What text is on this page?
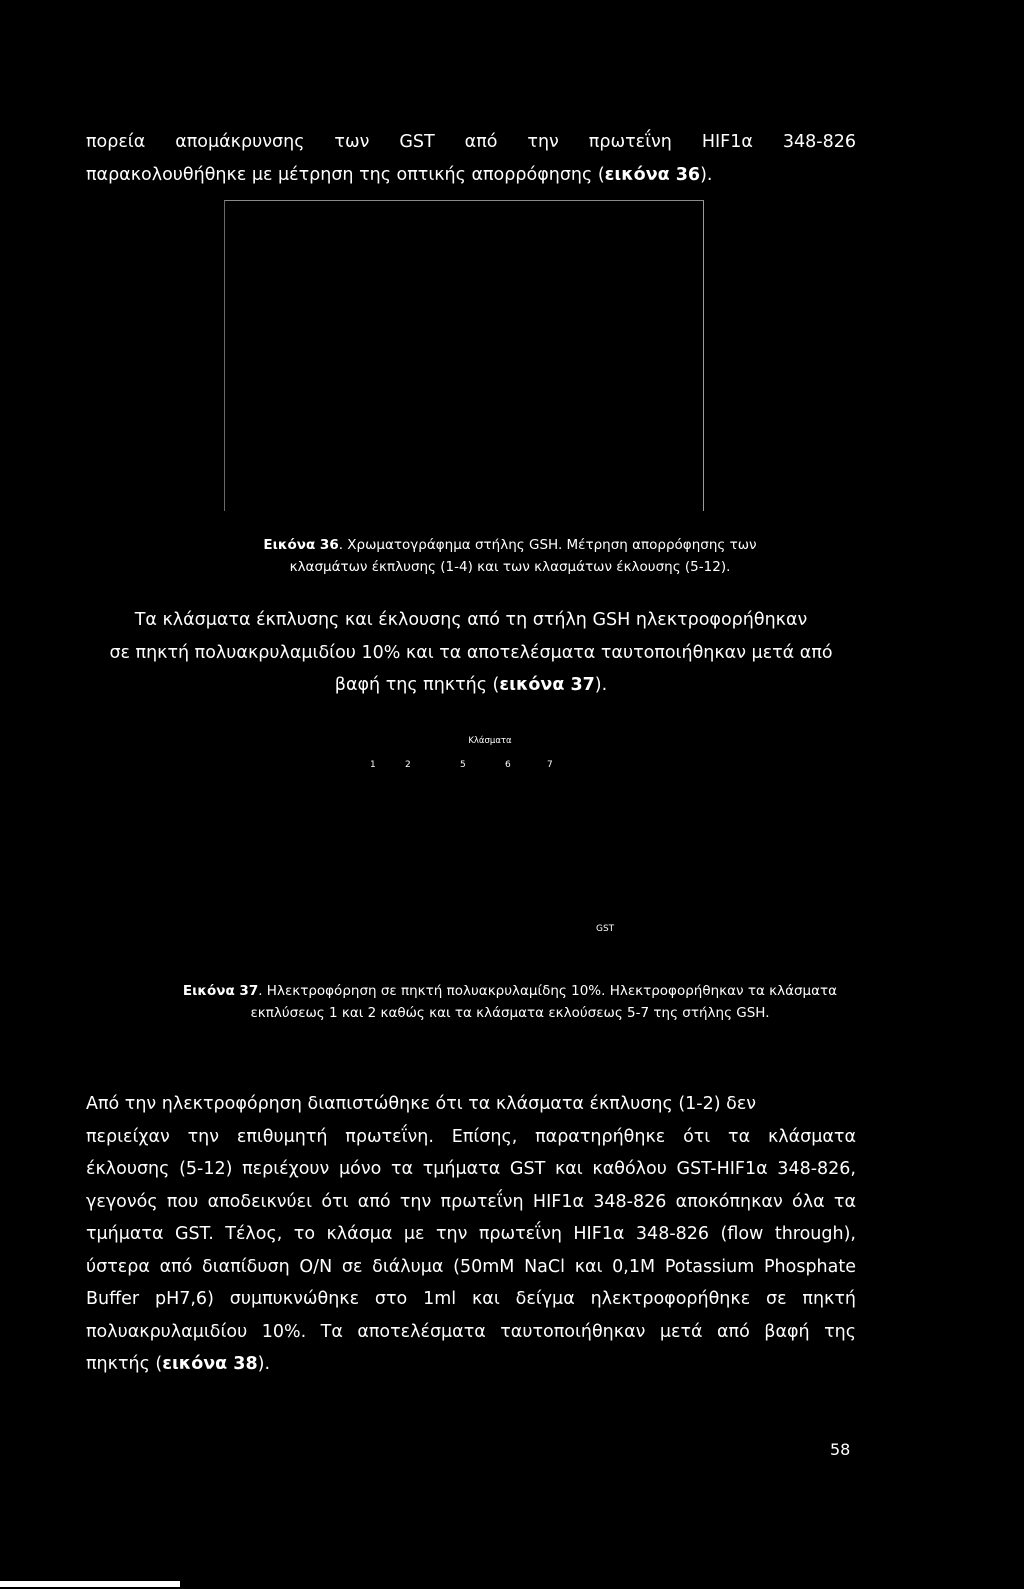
πορεία απομάκρυνσης των GST από την πρωτεΐνη HIF1α 348-826
παρακολουθήθηκε με μέτρηση της οπτικής απορρόφησης (εικόνα 36).
Εικόνα 36. Χρωματογράφημα στήλης GSH. Μέτρηση απορρόφησης των
κλασμάτων έκπλυσης (1-4) και των κλασμάτων έκλουσης (5-12).
Τα κλάσματα έκπλυσης και έκλουσης από τη στήλη GSH ηλεκτροφορήθηκαν
σε πηκτή πολυακρυλαμιδίου 10% και τα αποτελέσματα ταυτοποιήθηκαν μετά από
βαφή της πηκτής (εικόνα 37).
Κλάσματα
1	2	5	6	7
GST
Εικόνα 37. Ηλεκτροφόρηση σε πηκτή πολυακρυλαμίδης 10%. Ηλεκτροφορήθηκαν τα κλάσματα
εκπλύσεως 1 και 2 καθώς και τα κλάσματα εκλούσεως 5-7 της στήλης GSH.
Από την ηλεκτροφόρηση διαπιστώθηκε ότι τα κλάσματα έκπλυσης (1-2) δεν
περιείχαν την επιθυμητή πρωτεΐνη. Επίσης, παρατηρήθηκε ότι τα κλάσματα
έκλουσης (5-12) περιέχουν μόνο τα τμήματα GST και καθόλου GST-HIF1α 348-826,
γεγονός που αποδεικνύει ότι από την πρωτεΐνη HIF1α 348-826 αποκόπηκαν όλα τα
τμήματα GST. Τέλος, το κλάσμα με την πρωτεΐνη HIF1α 348-826 (flow through),
ύστερα από διαπίδυση O/N σε διάλυμα (50mM NaCl και 0,1M Potassium Phosphate
Buffer pH7,6) συμπυκνώθηκε στο 1ml και δείγμα ηλεκτροφορήθηκε σε πηκτή
πολυακρυλαμιδίου 10%. Τα αποτελέσματα ταυτοποιήθηκαν μετά από βαφή της
πηκτής (εικόνα 38).
58
